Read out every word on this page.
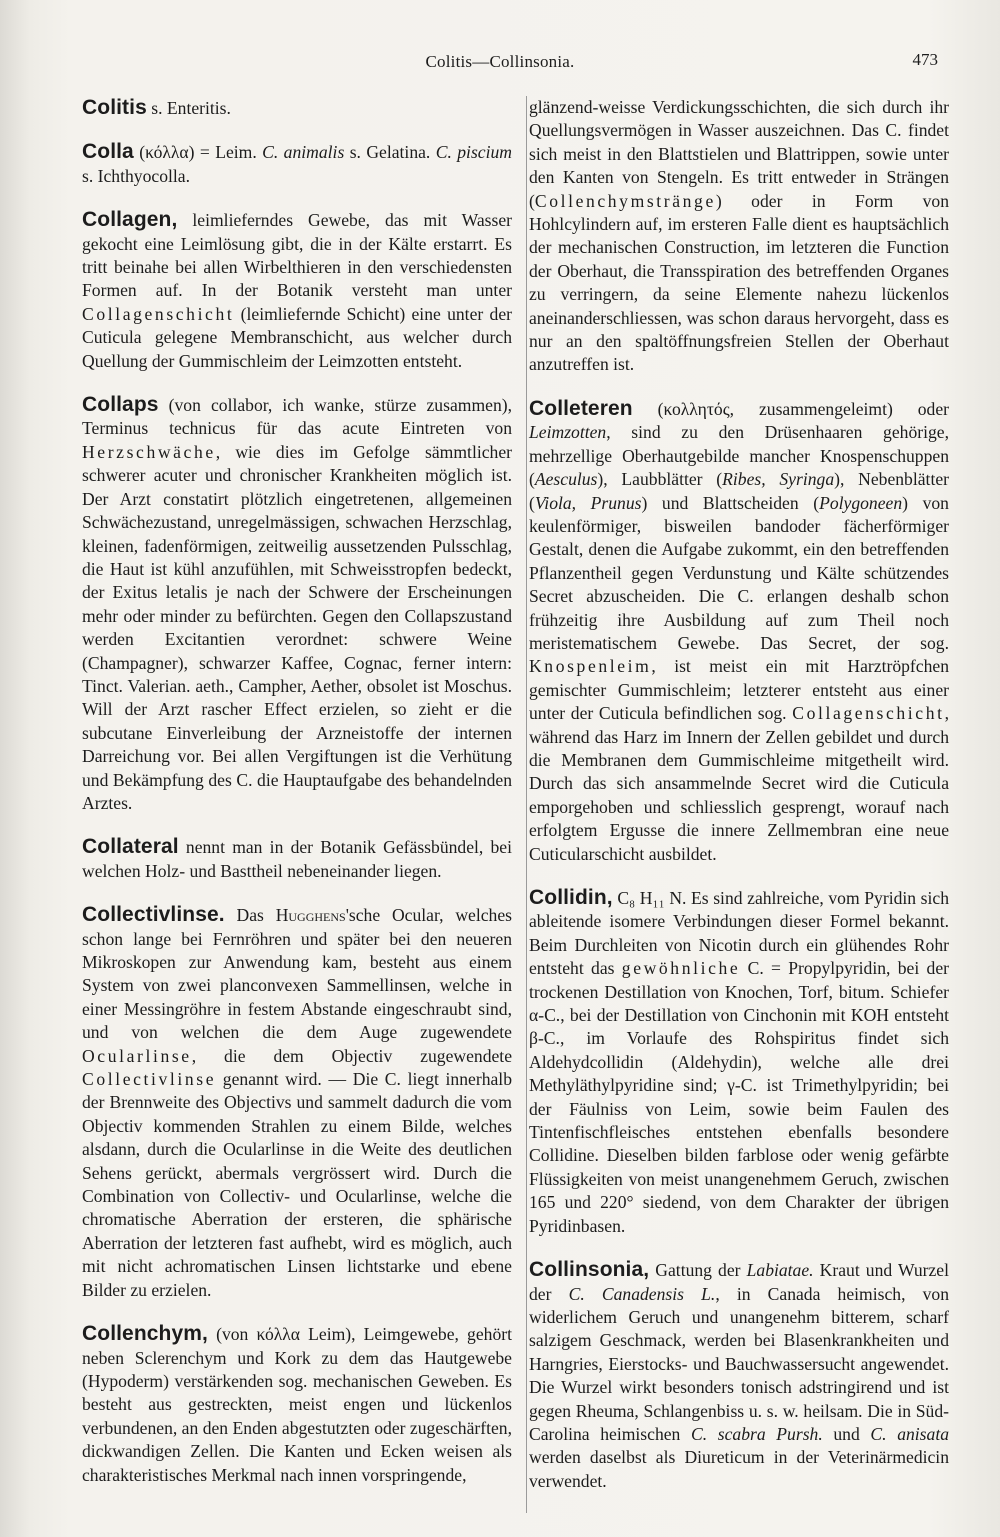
Colitis—Collinsonia.	473

Colitis s. Enteritis.

Colla (κόλλα) = Leim. C. animalis s. Gelatina. C. piscium s. Ichthyocolla.

Collagen, leimlieferndes Gewebe, das mit Wasser gekocht eine Leimlösung gibt, die in der Kälte erstarrt. Es tritt beinahe bei allen Wirbelthieren in den verschiedensten Formen auf. In der Botanik versteht man unter Collagenschicht (leimliefernde Schicht) eine unter der Cuticula gelegene Membranschicht, aus welcher durch Quellung der Gummischleim der Leimzotten entsteht.

Collaps (von collabor, ich wanke, stürze zusammen), Terminus technicus für das acute Eintreten von Herzschwäche, wie dies im Gefolge sämmtlicher schwerer acuter und chronischer Krankheiten möglich ist. Der Arzt constatirt plötzlich eingetretenen, allgemeinen Schwächezustand, unregelmässigen, schwachen Herzschlag, kleinen, fadenförmigen, zeitweilig aussetzenden Pulsschlag, die Haut ist kühl anzufühlen, mit Schweisstropfen bedeckt, der Exitus letalis je nach der Schwere der Erscheinungen mehr oder minder zu befürchten. Gegen den Collapszustand werden Excitantien verordnet: schwere Weine (Champagner), schwarzer Kaffee, Cognac, ferner intern: Tinct. Valerian. aeth., Campher, Aether, obsolet ist Moschus. Will der Arzt rascher Effect erzielen, so zieht er die subcutane Einverleibung der Arzneistoffe der internen Darreichung vor. Bei allen Vergiftungen ist die Verhütung und Bekämpfung des C. die Hauptaufgabe des behandelnden Arztes.

Collateral nennt man in der Botanik Gefässbündel, bei welchen Holz- und Basttheil nebeneinander liegen.

Collectivlinse. Das Hugghens'sche Ocular, welches schon lange bei Fernröhren und später bei den neueren Mikroskopen zur Anwendung kam, besteht aus einem System von zwei planconvexen Sammellinsen, welche in einer Messingröhre in festem Abstande eingeschraubt sind, und von welchen die dem Auge zugewendete Ocularlinse, die dem Objectiv zugewendete Collectivlinse genannt wird. — Die C. liegt innerhalb der Brennweite des Objectivs und sammelt dadurch die vom Objectiv kommenden Strahlen zu einem Bilde, welches alsdann, durch die Ocularlinse in die Weite des deutlichen Sehens gerückt, abermals vergrössert wird. Durch die Combination von Collectiv- und Ocularlinse, welche die chromatische Aberration der ersteren, die sphärische Aberration der letzteren fast aufhebt, wird es möglich, auch mit nicht achromatischen Linsen lichtstarke und ebene Bilder zu erzielen.

Collenchym, (von κόλλα Leim), Leimgewebe, gehört neben Sclerenchym und Kork zu dem das Hautgewebe (Hypoderm) verstärkenden sog. mechanischen Geweben. Es besteht aus gestreckten, meist engen und lückenlos verbundenen, an den Enden abgestutzten oder zugeschärften, dickwandigen Zellen. Die Kanten und Ecken weisen als charakteristisches Merkmal nach innen vorspringende,

glänzend-weisse Verdickungsschichten, die sich durch ihr Quellungsvermögen in Wasser auszeichnen. Das C. findet sich meist in den Blattstielen und Blattrippen, sowie unter den Kanten von Stengeln. Es tritt entweder in Strängen (Collenchymstränge) oder in Form von Hohlcylindern auf, im ersteren Falle dient es hauptsächlich der mechanischen Construction, im letzteren die Function der Oberhaut, die Transspiration des betreffenden Organes zu verringern, da seine Elemente nahezu lückenlos aneinanderschliessen, was schon daraus hervorgeht, dass es nur an den spaltöffnungsfreien Stellen der Oberhaut anzutreffen ist.

Colleteren (κολλητός, zusammengeleimt) oder Leimzotten, sind zu den Drüsenhaaren gehörige, mehrzellige Oberhautgebilde mancher Knospenschuppen (Aesculus), Laubblätter (Ribes, Syringa), Nebenblätter (Viola, Prunus) und Blattscheiden (Polygoneen) von keulenförmiger, bisweilen bandoder fächerförmiger Gestalt, denen die Aufgabe zukommt, ein den betreffenden Pflanzentheil gegen Verdunstung und Kälte schützendes Secret abzuscheiden. Die C. erlangen deshalb schon frühzeitig ihre Ausbildung auf zum Theil noch meristematischem Gewebe. Das Secret, der sog. Knospenleim, ist meist ein mit Harztröpfchen gemischter Gummischleim; letzterer entsteht aus einer unter der Cuticula befindlichen sog. Collagenschicht, während das Harz im Innern der Zellen gebildet und durch die Membranen dem Gummischleime mitgetheilt wird. Durch das sich ansammelnde Secret wird die Cuticula emporgehoben und schliesslich gesprengt, worauf nach erfolgtem Ergusse die innere Zellmembran eine neue Cuticularschicht ausbildet.

Collidin, C₈ H₁₁ N. Es sind zahlreiche, vom Pyridin sich ableitende isomere Verbindungen dieser Formel bekannt. Beim Durchleiten von Nicotin durch ein glühendes Rohr entsteht das gewöhnliche C. = Propylpyridin, bei der trockenen Destillation von Knochen, Torf, bitum. Schiefer α-C., bei der Destillation von Cinchonin mit KOH entsteht β-C., im Vorlaufe des Rohspiritus findet sich Aldehydcollidin (Aldehydin), welche alle drei Methyläthylpyridine sind; γ-C. ist Trimethylpyridin; bei der Fäulniss von Leim, sowie beim Faulen des Tintenfischfleisches entstehen ebenfalls besondere Collidine. Dieselben bilden farblose oder wenig gefärbte Flüssigkeiten von meist unangenehmem Geruch, zwischen 165 und 220° siedend, von dem Charakter der übrigen Pyridinbasen.

Collinsonia, Gattung der Labiatae. Kraut und Wurzel der C. Canadensis L., in Canada heimisch, von widerlichem Geruch und unangenehm bitterem, scharf salzigem Geschmack, werden bei Blasenkrankheiten und Harngries, Eierstocks- und Bauchwassersucht angewendet. Die Wurzel wirkt besonders tonisch adstringirend und ist gegen Rheuma, Schlangenbiss u. s. w. heilsam. Die in Süd-Carolina heimischen C. scabra Pursh. und C. anisata werden daselbst als Diureticum in der Veterinärmedicin verwendet.
